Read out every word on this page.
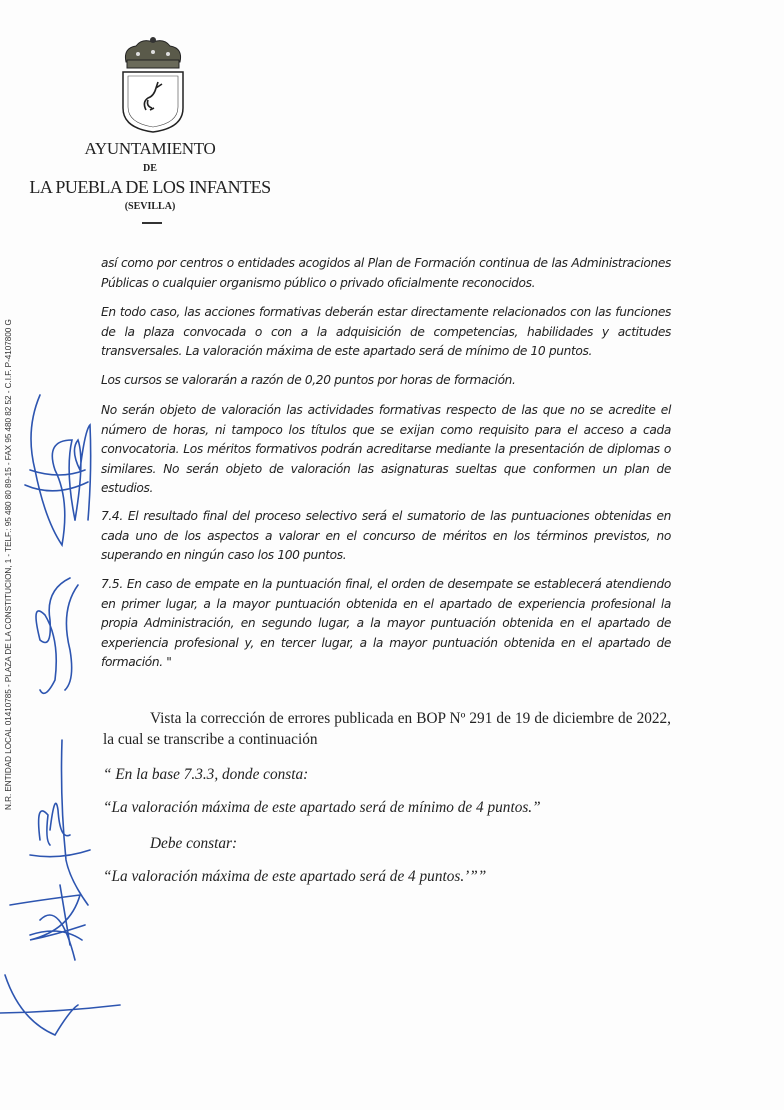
AYUNTAMIENTO
DE
LA PUEBLA DE LOS INFANTES
(SEVILLA)
así como por centros o entidades acogidos al Plan de Formación continua de las Administraciones Públicas o cualquier organismo público o privado oficialmente reconocidos.
En todo caso, las acciones formativas deberán estar directamente relacionados con las funciones de la plaza convocada o con a la adquisición de competencias, habilidades y actitudes transversales. La valoración máxima de este apartado será de mínimo de 10 puntos.
Los cursos se valorarán a razón de 0,20 puntos por horas de formación.
No serán objeto de valoración las actividades formativas respecto de las que no se acredite el número de horas, ni tampoco los títulos que se exijan como requisito para el acceso a cada convocatoria. Los méritos formativos podrán acreditarse mediante la presentación de diplomas o similares. No serán objeto de valoración las asignaturas sueltas que conformen un plan de estudios.
7.4. El resultado final del proceso selectivo será el sumatorio de las puntuaciones obtenidas en cada uno de los aspectos a valorar en el concurso de méritos en los términos previstos, no superando en ningún caso los 100 puntos.
7.5. En caso de empate en la puntuación final, el orden de desempate se establecerá atendiendo en primer lugar, a la mayor puntuación obtenida en el apartado de experiencia profesional la propia Administración, en segundo lugar, a la mayor puntuación obtenida en el apartado de experiencia profesional y, en tercer lugar, a la mayor puntuación obtenida en el apartado de formación. "
Vista la corrección de errores publicada en BOP Nº 291 de 19 de diciembre de 2022, la cual se transcribe a continuación
“ En la base 7.3.3, donde consta:
“La valoración máxima de este apartado será de mínimo de 4 puntos.”
Debe constar:
“La valoración máxima de este apartado será de 4 puntos.’””
N.R. ENTIDAD LOCAL 01410785 - PLAZA DE LA CONSTITUCION, 1 - TELF.: 95 480 80 89-15 - FAX 95 480 82 52 - C.I.F. P-4107800 G
